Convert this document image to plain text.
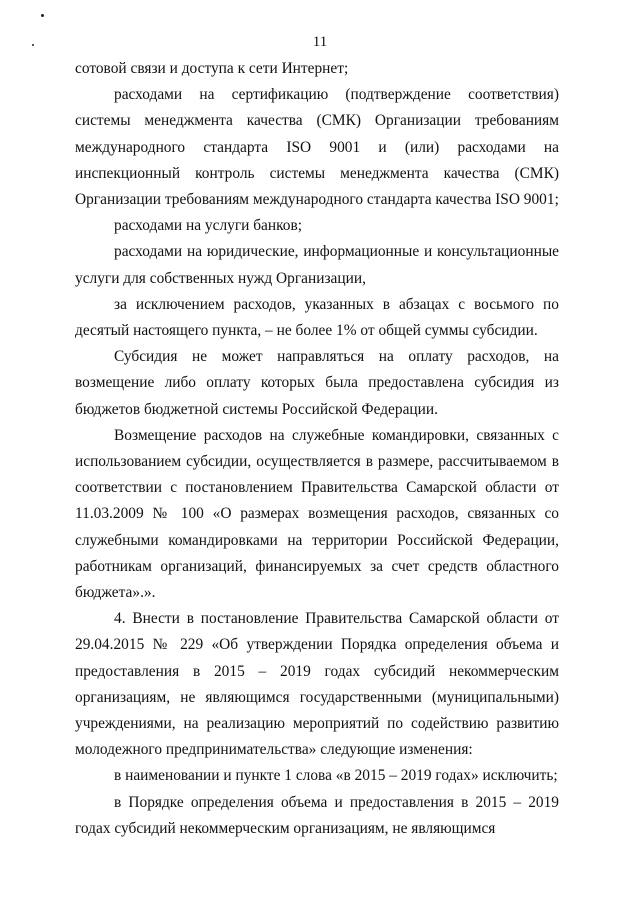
11

сотовой связи и доступа к сети Интернет;

расходами на сертификацию (подтверждение соответствия) системы менеджмента качества (СМК) Организации требованиям международного стандарта ISO 9001 и (или) расходами на инспекционный контроль системы менеджмента качества (СМК) Организации требованиям международного стандарта качества ISO 9001;

расходами на услуги банков;

расходами на юридические, информационные и консультационные услуги для собственных нужд Организации,

за исключением расходов, указанных в абзацах с восьмого по десятый настоящего пункта, – не более 1% от общей суммы субсидии.

Субсидия не может направляться на оплату расходов, на возмещение либо оплату которых была предоставлена субсидия из бюджетов бюджетной системы Российской Федерации.

Возмещение расходов на служебные командировки, связанных с использованием субсидии, осуществляется в размере, рассчитываемом в соответствии с постановлением Правительства Самарской области от 11.03.2009 № 100 «О размерах возмещения расходов, связанных со служебными командировками на территории Российской Федерации, работникам организаций, финансируемых за счет средств областного бюджета».».

4. Внести в постановление Правительства Самарской области от 29.04.2015 № 229 «Об утверждении Порядка определения объема и предоставления в 2015 – 2019 годах субсидий некоммерческим организациям, не являющимся государственными (муниципальными) учреждениями, на реализацию мероприятий по содействию развитию молодежного предпринимательства» следующие изменения:

в наименовании и пункте 1 слова «в 2015 – 2019 годах» исключить;

в Порядке определения объема и предоставления в 2015 – 2019 годах субсидий некоммерческим организациям, не являющимся
